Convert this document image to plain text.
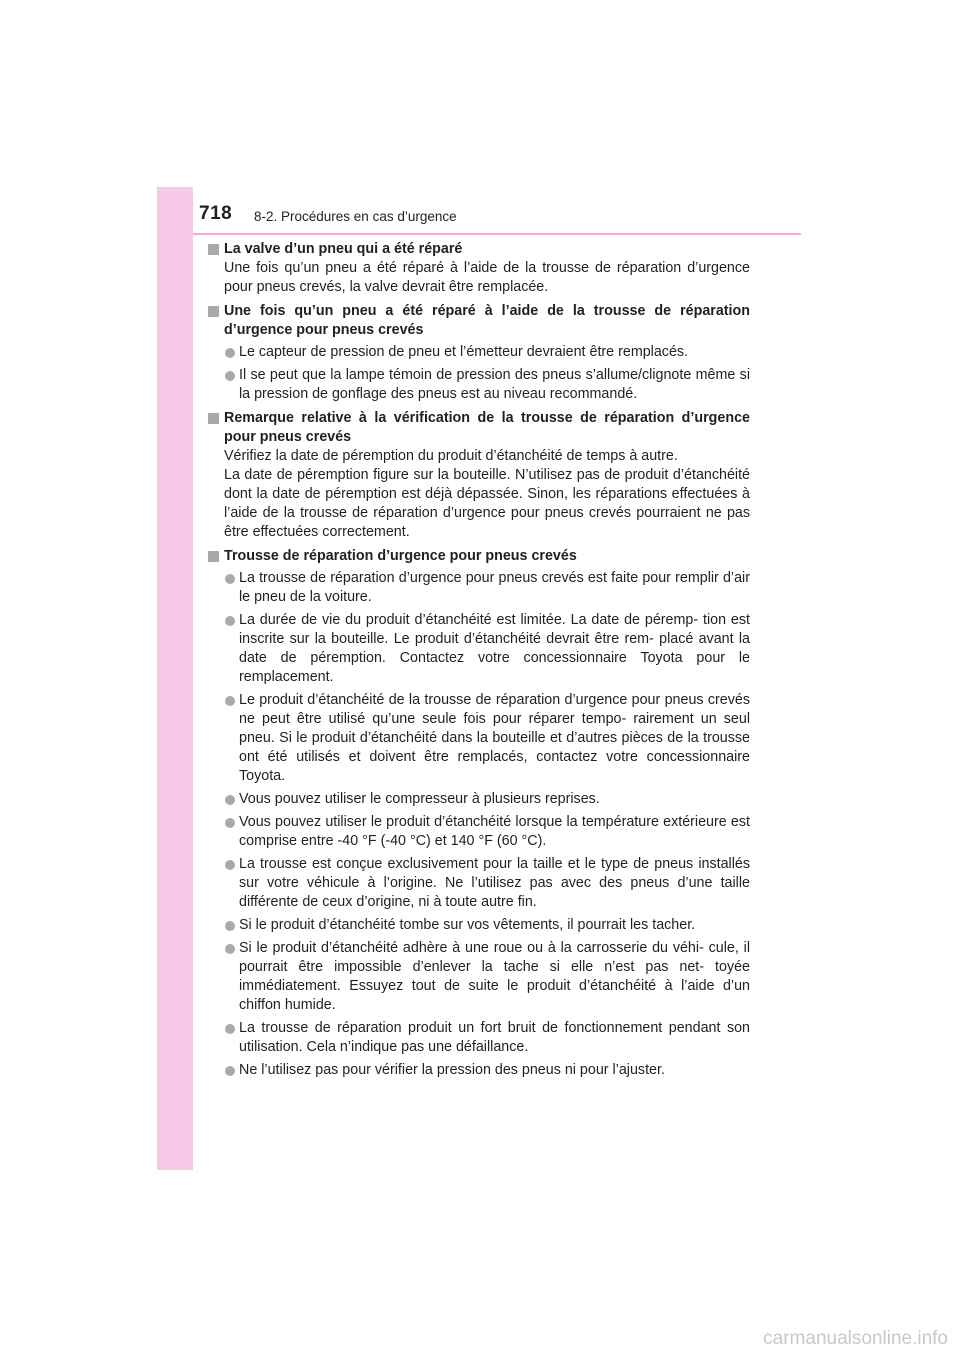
718 8-2. Procédures en cas d’urgence
La valve d’un pneu qui a été réparé

Une fois qu’un pneu a été réparé à l’aide de la trousse de réparation d’urgence pour pneus crevés, la valve devrait être remplacée.

Une fois qu’un pneu a été réparé à l’aide de la trousse de réparation d’urgence pour pneus crevés
Le capteur de pression de pneu et l’émetteur devraient être remplacés.
Il se peut que la lampe témoin de pression des pneus s’allume/clignote même si la pression de gonflage des pneus est au niveau recommandé.
Remarque relative à la vérification de la trousse de réparation d’urgence pour pneus crevés

Vérifiez la date de péremption du produit d’étanchéité de temps à autre.

La date de péremption figure sur la bouteille. N’utilisez pas de produit d’étanchéité dont la date de péremption est déjà dépassée. Sinon, les réparations effectuées à l’aide de la trousse de réparation d’urgence pour pneus crevés pourraient ne pas être effectuées correctement.

Trousse de réparation d’urgence pour pneus crevés
La trousse de réparation d’urgence pour pneus crevés est faite pour remplir d’air le pneu de la voiture.
La durée de vie du produit d’étanchéité est limitée. La date de péremp- tion est inscrite sur la bouteille. Le produit d’étanchéité devrait être rem- placé avant la date de péremption. Contactez votre concessionnaire Toyota pour le remplacement.
Le produit d’étanchéité de la trousse de réparation d’urgence pour pneus crevés ne peut être utilisé qu’une seule fois pour réparer tempo- rairement un seul pneu. Si le produit d’étanchéité dans la bouteille et d’autres pièces de la trousse ont été utilisés et doivent être remplacés, contactez votre concessionnaire Toyota.
Vous pouvez utiliser le compresseur à plusieurs reprises.
Vous pouvez utiliser le produit d’étanchéité lorsque la température extérieure est comprise entre -40 °F (-40 °C) et 140 °F (60 °C).
La trousse est conçue exclusivement pour la taille et le type de pneus installés sur votre véhicule à l’origine. Ne l’utilisez pas avec des pneus d’une taille différente de ceux d’origine, ni à toute autre fin.
Si le produit d’étanchéité tombe sur vos vêtements, il pourrait les tacher.
Si le produit d’étanchéité adhère à une roue ou à la carrosserie du véhi- cule, il pourrait être impossible d’enlever la tache si elle n’est pas net- toyée immédiatement. Essuyez tout de suite le produit d’étanchéité à l’aide d’un chiffon humide.
La trousse de réparation produit un fort bruit de fonctionnement pendant son utilisation. Cela n’indique pas une défaillance.
Ne l’utilisez pas pour vérifier la pression des pneus ni pour l’ajuster.
carmanualsonline.info
